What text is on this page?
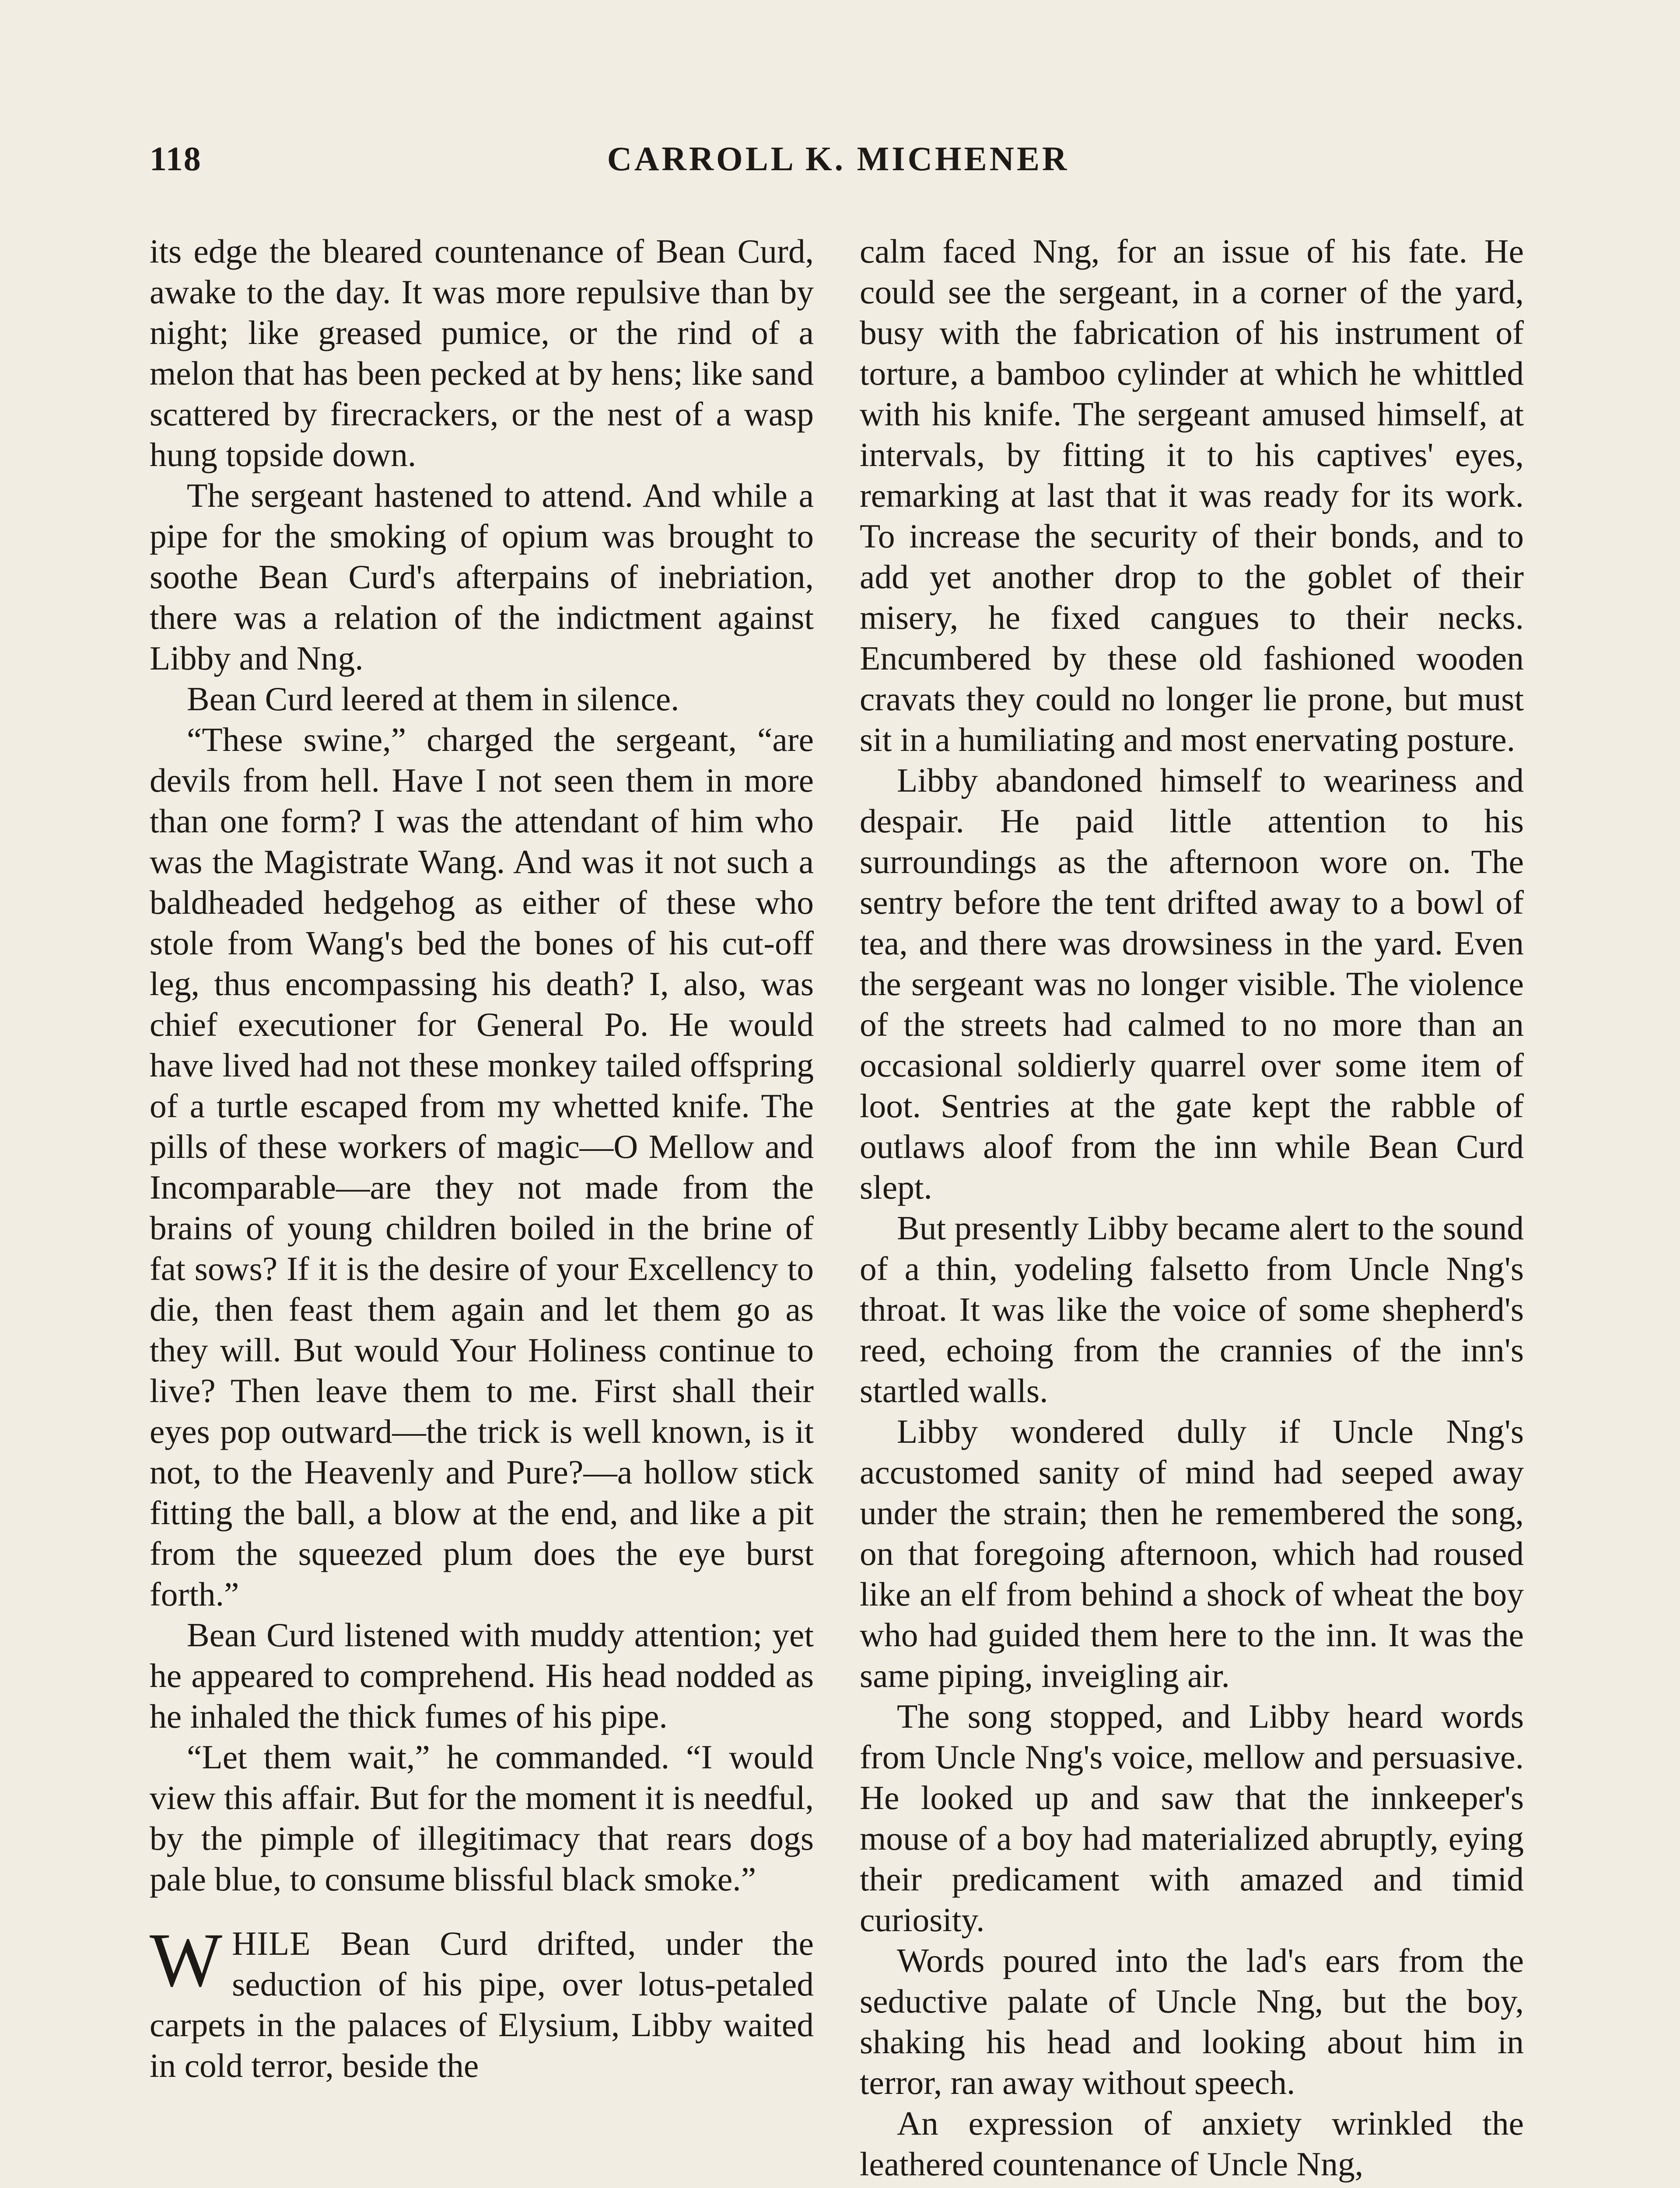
118	CARROLL K. MICHENER

its edge the bleared countenance of Bean Curd, awake to the day. It was more repulsive than by night; like greased pumice, or the rind of a melon that has been pecked at by hens; like sand scattered by firecrackers, or the nest of a wasp hung topside down.

The sergeant hastened to attend. And while a pipe for the smoking of opium was brought to soothe Bean Curd's afterpains of inebriation, there was a relation of the indictment against Libby and Nng.

Bean Curd leered at them in silence.

“These swine,” charged the sergeant, “are devils from hell. Have I not seen them in more than one form? I was the attendant of him who was the Magistrate Wang. And was it not such a baldheaded hedgehog as either of these who stole from Wang's bed the bones of his cut-off leg, thus encompassing his death? I, also, was chief executioner for General Po. He would have lived had not these monkey tailed offspring of a turtle escaped from my whetted knife. The pills of these workers of magic—O Mellow and Incomparable—are they not made from the brains of young children boiled in the brine of fat sows? If it is the desire of your Excellency to die, then feast them again and let them go as they will. But would Your Holiness continue to live? Then leave them to me. First shall their eyes pop outward—the trick is well known, is it not, to the Heavenly and Pure?—a hollow stick fitting the ball, a blow at the end, and like a pit from the squeezed plum does the eye burst forth.”

Bean Curd listened with muddy attention; yet he appeared to comprehend. His head nodded as he inhaled the thick fumes of his pipe.

“Let them wait,” he commanded. “I would view this affair. But for the moment it is needful, by the pimple of illegitimacy that rears dogs pale blue, to consume blissful black smoke.”

WHILE Bean Curd drifted, under the seduction of his pipe, over lotus-petaled carpets in the palaces of Elysium, Libby waited in cold terror, beside the

calm faced Nng, for an issue of his fate. He could see the sergeant, in a corner of the yard, busy with the fabrication of his instrument of torture, a bamboo cylinder at which he whittled with his knife. The sergeant amused himself, at intervals, by fitting it to his captives' eyes, remarking at last that it was ready for its work. To increase the security of their bonds, and to add yet another drop to the goblet of their misery, he fixed cangues to their necks. Encumbered by these old fashioned wooden cravats they could no longer lie prone, but must sit in a humiliating and most enervating posture.

Libby abandoned himself to weariness and despair. He paid little attention to his surroundings as the afternoon wore on. The sentry before the tent drifted away to a bowl of tea, and there was drowsiness in the yard. Even the sergeant was no longer visible. The violence of the streets had calmed to no more than an occasional soldierly quarrel over some item of loot. Sentries at the gate kept the rabble of outlaws aloof from the inn while Bean Curd slept.

But presently Libby became alert to the sound of a thin, yodeling falsetto from Uncle Nng's throat. It was like the voice of some shepherd's reed, echoing from the crannies of the inn's startled walls.

Libby wondered dully if Uncle Nng's accustomed sanity of mind had seeped away under the strain; then he remembered the song, on that foregoing afternoon, which had roused like an elf from behind a shock of wheat the boy who had guided them here to the inn. It was the same piping, inveigling air.

The song stopped, and Libby heard words from Uncle Nng's voice, mellow and persuasive. He looked up and saw that the innkeeper's mouse of a boy had materialized abruptly, eying their predicament with amazed and timid curiosity.

Words poured into the lad's ears from the seductive palate of Uncle Nng, but the boy, shaking his head and looking about him in terror, ran away without speech.

An expression of anxiety wrinkled the leathered countenance of Uncle Nng,
